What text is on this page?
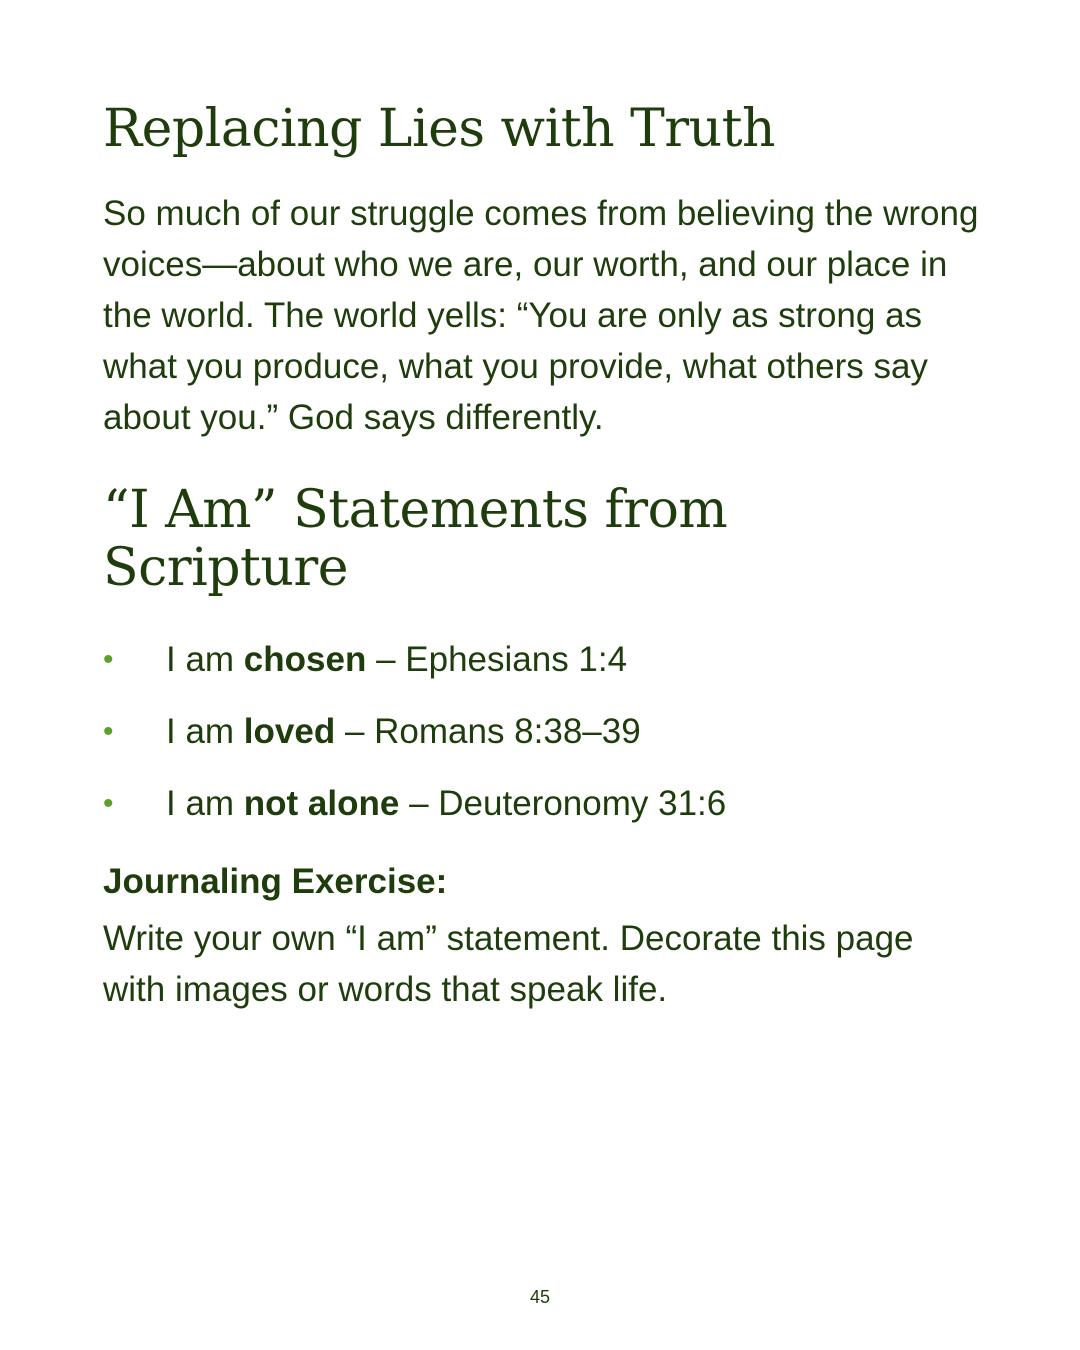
Replacing Lies with Truth

So much of our struggle comes from believing the wrong voices—about who we are, our worth, and our place in the world. The world yells: “You are only as strong as what you produce, what you provide, what others say about you.” God says differently.

“I Am” Statements from Scripture
• I am chosen – Ephesians 1:4
• I am loved – Romans 8:38–39
• I am not alone – Deuteronomy 31:6
Journaling Exercise:

Write your own “I am” statement. Decorate this page with images or words that speak life.

45
